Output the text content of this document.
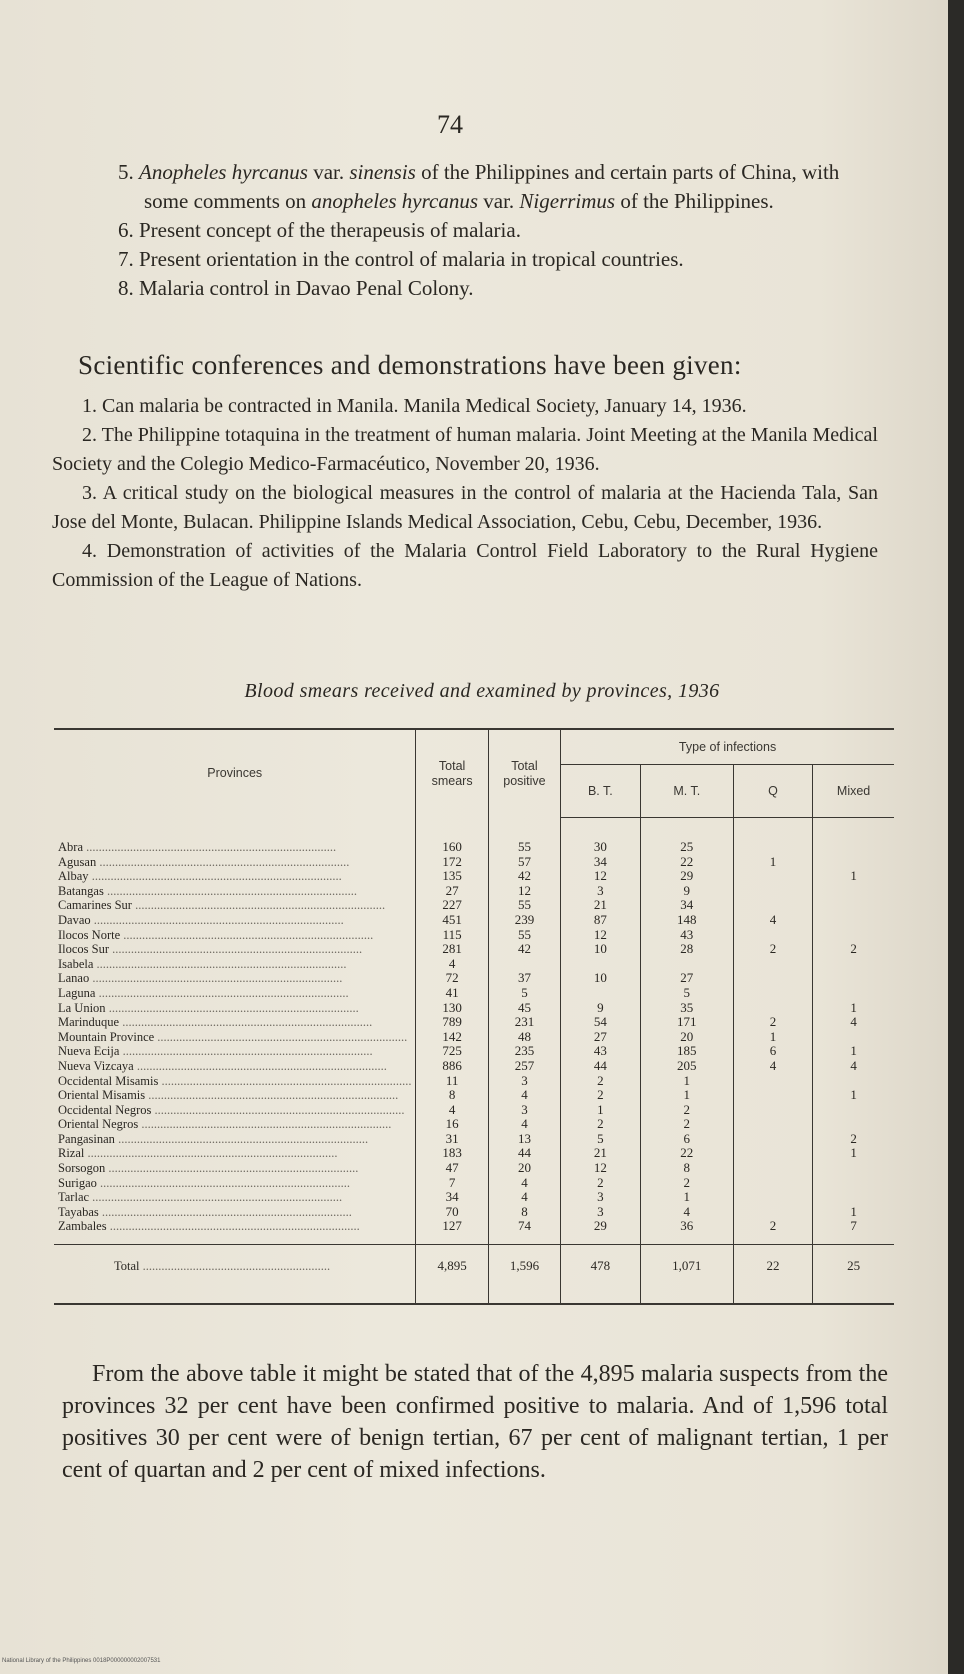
74

5. Anopheles hyrcanus var. sinensis of the Philippines and certain parts of China, with some comments on anopheles hyrcanus var. Nigerrimus of the Philippines.

6. Present concept of the therapeusis of malaria.

7. Present orientation in the control of malaria in tropical countries.

8. Malaria control in Davao Penal Colony.

Scientific conferences and demonstrations have been given:

1. Can malaria be contracted in Manila. Manila Medical Society, January 14, 1936.

2. The Philippine totaquina in the treatment of human malaria. Joint Meeting at the Manila Medical Society and the Colegio Medico-Farmacéutico, November 20, 1936.

3. A critical study on the biological measures in the control of malaria at the Hacienda Tala, San Jose del Monte, Bulacan. Philippine Islands Medical Association, Cebu, Cebu, December, 1936.

4. Demonstration of activities of the Malaria Control Field Laboratory to the Rural Hygiene Commission of the League of Nations.

Blood smears received and examined by provinces, 1936
Provinces	Total smears	Total positive	Type of infections			
			B. T.	M. T.	Q	Mixed
Abra ................................................................................	160	55	30	25		
Agusan ................................................................................	172	57	34	22	1	
Albay ................................................................................	135	42	12	29		1
Batangas ................................................................................	27	12	3	9		
Camarines Sur ................................................................................	227	55	21	34		
Davao ................................................................................	451	239	87	148	4	
Ilocos Norte ................................................................................	115	55	12	43		
Ilocos Sur ................................................................................	281	42	10	28	2	2
Isabela ................................................................................	4					
Lanao ................................................................................	72	37	10	27		
Laguna ................................................................................	41	5		5		
La Union ................................................................................	130	45	9	35		1
Marinduque ................................................................................	789	231	54	171	2	4
Mountain Province ................................................................................	142	48	27	20	1	
Nueva Ecija ................................................................................	725	235	43	185	6	1
Nueva Vizcaya ................................................................................	886	257	44	205	4	4
Occidental Misamis ................................................................................	11	3	2	1		
Oriental Misamis ................................................................................	8	4	2	1		1
Occidental Negros ................................................................................	4	3	1	2		
Oriental Negros ................................................................................	16	4	2	2		
Pangasinan ................................................................................	31	13	5	6		2
Rizal ................................................................................	183	44	21	22		1
Sorsogon ................................................................................	47	20	12	8		
Surigao ................................................................................	7	4	2	2		
Tarlac ................................................................................	34	4	3	1		
Tayabas ................................................................................	70	8	3	4		1
Zambales ................................................................................	127	74	29	36	2	7
Total ............................................................	4,895	1,596	478	1,071	22	25

From the above table it might be stated that of the 4,895 malaria suspects from the provinces 32 per cent have been confirmed positive to malaria. And of 1,596 total positives 30 per cent were of benign tertian, 67 per cent of malignant tertian, 1 per cent of quartan and 2 per cent of mixed infections.

National Library of the Philippines 0018P000000002007531
